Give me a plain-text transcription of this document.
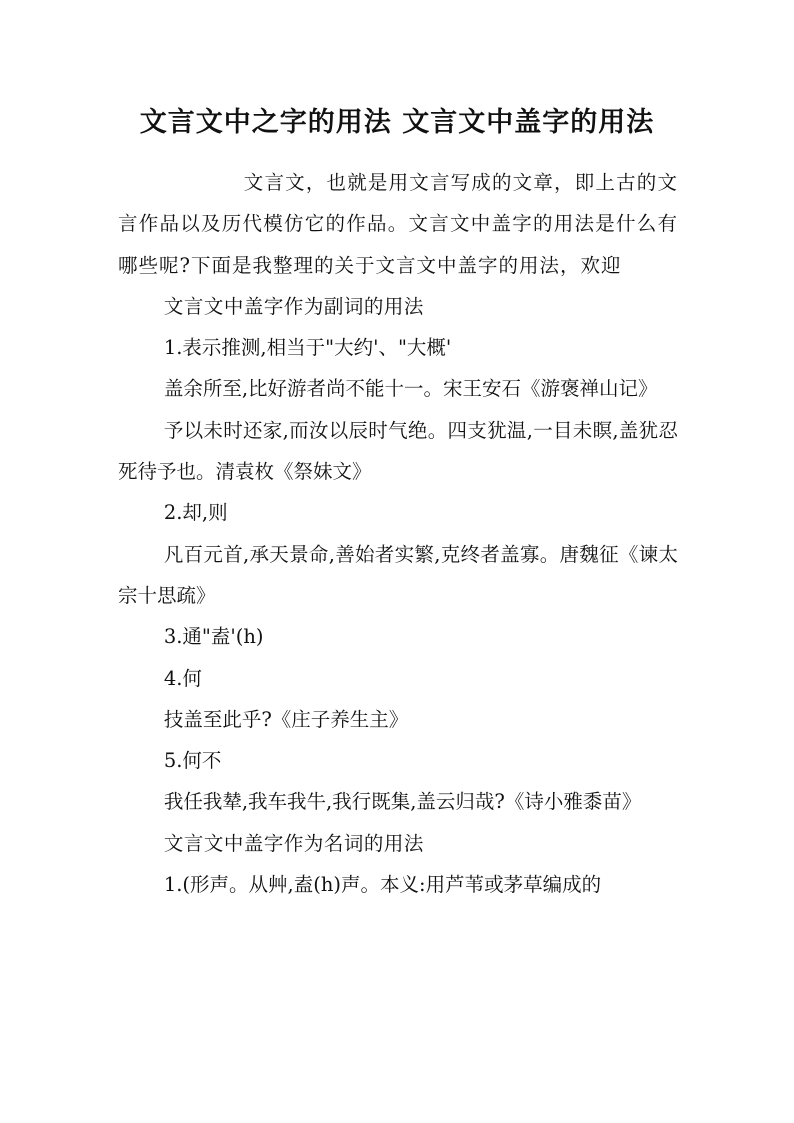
文言文中之字的用法 文言文中盖字的用法

文言文，也就是用文言写成的文章，即上古的文言作品以及历代模仿它的作品。文言文中盖字的用法是什么有哪些呢?下面是我整理的关于文言文中盖字的用法，欢迎

文言文中盖字作为副词的用法

1.表示推测,相当于"大约'、"大概'

盖余所至,比好游者尚不能十一。宋王安石《游褒禅山记》

予以未时还家,而汝以辰时气绝。四支犹温,一目未瞑,盖犹忍死待予也。清袁枚《祭妹文》

2.却,则

凡百元首,承天景命,善始者实繁,克终者盖寡。唐魏征《谏太宗十思疏》

3.通"盍'(h)

4.何

技盖至此乎?《庄子养生主》

5.何不

我任我辇,我车我牛,我行既集,盖云归哉?《诗小雅黍苗》

文言文中盖字作为名词的用法

1.(形声。从艸,盍(h)声。本义:用芦苇或茅草编成的
